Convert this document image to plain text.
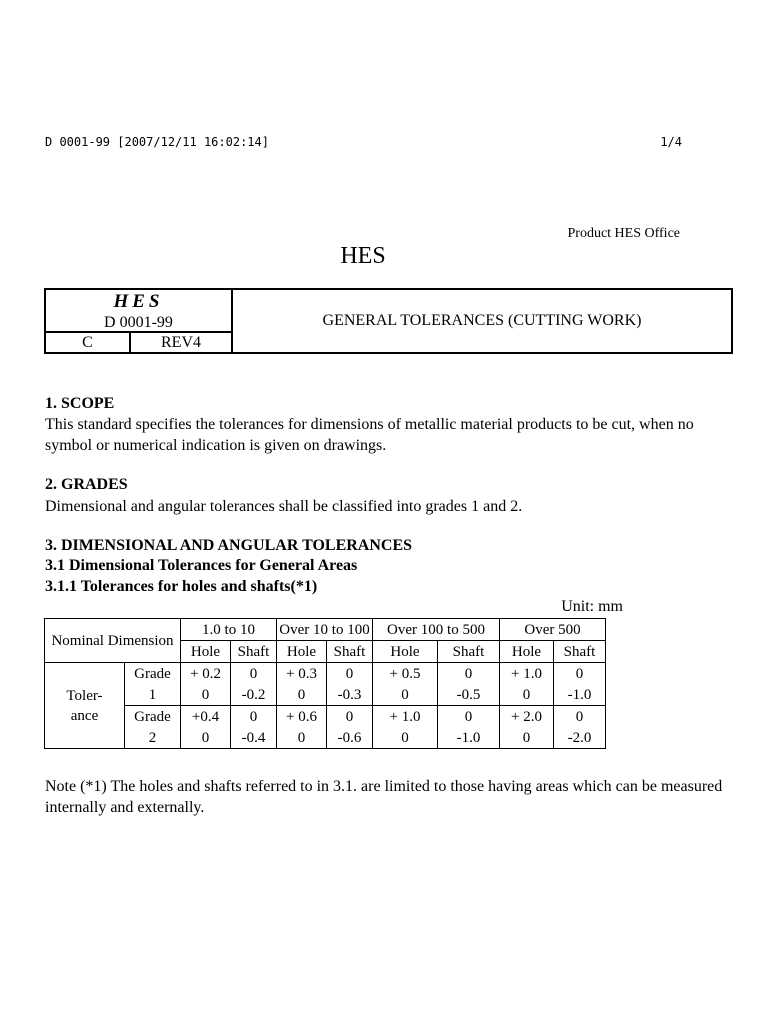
D 0001-99 [2007/12/11 16:02:14]	1/4
Product HES Office
HES
HES
D 0001-99
C	REV4
GENERAL TOLERANCES (CUTTING WORK)
1. SCOPE
This standard specifies the tolerances for dimensions of metallic material products to be cut, when no symbol or numerical indication is given on drawings.
2. GRADES
Dimensional and angular tolerances shall be classified into grades 1 and 2.
3. DIMENSIONAL AND ANGULAR TOLERANCES
3.1 Dimensional Tolerances for General Areas
3.1.1 Tolerances for holes and shafts(*1)
Unit: mm
Nominal Dimension		1.0 to 10		Over 10 to 100		Over 100 to 500		Over 500	
		Hole	Shaft	Hole	Shaft	Hole	Shaft	Hole	Shaft

Toler-
ance	Grade	+ 0.2	0	+ 0.3	0	+ 0.5	0	+ 1.0	0
	1	0	-0.2	0	-0.3	0	-0.5	0	-1.0
	Grade	+0.4	0	+ 0.6	0	+ 1.0	0	+ 2.0	0
	2	0	-0.4	0	-0.6	0	-1.0	0	-2.0
Note (*1) The holes and shafts referred to in 3.1. are limited to those having areas which can be measured internally and externally.
